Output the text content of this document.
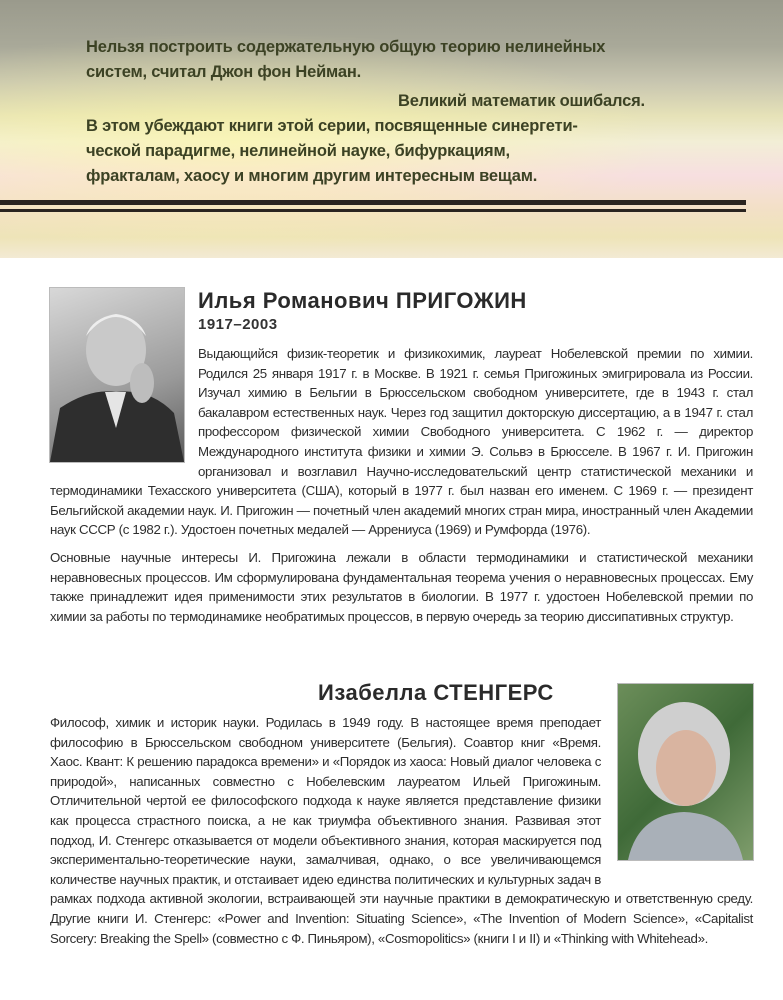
Нельзя построить содержательную общую теорию нелинейных
систем, считал Джон фон Нейман.
Великий математик ошибался.
В этом убеждают книги этой серии, посвященные синергети-
ческой парадигме, нелинейной науке, бифуркациям,
фракталам, хаосу и многим другим интересным вещам.
Илья Романович ПРИГОЖИН
1917–2003

Выдающийся физик-теоретик и физикохимик, лауреат Нобелевской премии по химии. Родился 25 января 1917 г. в Москве. В 1921 г. семья Пригожиных эмигрировала из России. Изучал химию в Бельгии в Брюссельском свободном университете, где в 1943 г. стал бакалавром естественных наук. Через год защитил докторскую диссертацию, а в 1947 г. стал профессором физической химии Свободного университета. С 1962 г. — директор Международного института физики и химии Э. Сольвэ в Брюсселе. В 1967 г. И. Пригожин организовал и возглавил Научно-исследовательский центр статистической механики и термодинамики Техасского университета (США), который в 1977 г. был назван его именем. С 1969 г. — президент Бельгийской академии наук. И. Пригожин — почетный член академий многих стран мира, иностранный член Академии наук СССР (с 1982 г.). Удостоен почетных медалей — Аррениуса (1969) и Румфорда (1976).

Основные научные интересы И. Пригожина лежали в области термодинамики и статистической механики неравновесных процессов. Им сформулирована фундаментальная теорема учения о неравновесных процессах. Ему также принадлежит идея применимости этих результатов в биологии. В 1977 г. удостоен Нобелевской премии по химии за работы по термодинамике необратимых процессов, в первую очередь за теорию диссипативных структур.

Изабелла СТЕНГЕРС

Философ, химик и историк науки. Родилась в 1949 году. В настоящее время преподает философию в Брюссельском свободном университете (Бельгия). Соавтор книг «Время. Хаос. Квант: К решению парадокса времени» и «Порядок из хаоса: Новый диалог человека с природой», написанных совместно с Нобелевским лауреатом Ильей Пригожиным. Отличительной чертой ее философского подхода к науке является представление физики как процесса страстного поиска, а не как триумфа объективного знания. Развивая этот подход, И. Стенгерс отказывается от модели объективного знания, которая маскируется под экспериментально-теоретические науки, замалчивая, однако, о все увеличивающемся количестве научных практик, и отстаивает идею единства политических и культурных задач в рамках подхода активной экологии, встраивающей эти научные практики в демократическую и ответственную среду. Другие книги И. Стенгерс: «Power and Invention: Situating Science», «The Invention of Modern Science», «Capitalist Sorcery: Breaking the Spell» (совместно с Ф. Пиньяром), «Cosmopolitics» (книги I и II) и «Thinking with Whitehead».
